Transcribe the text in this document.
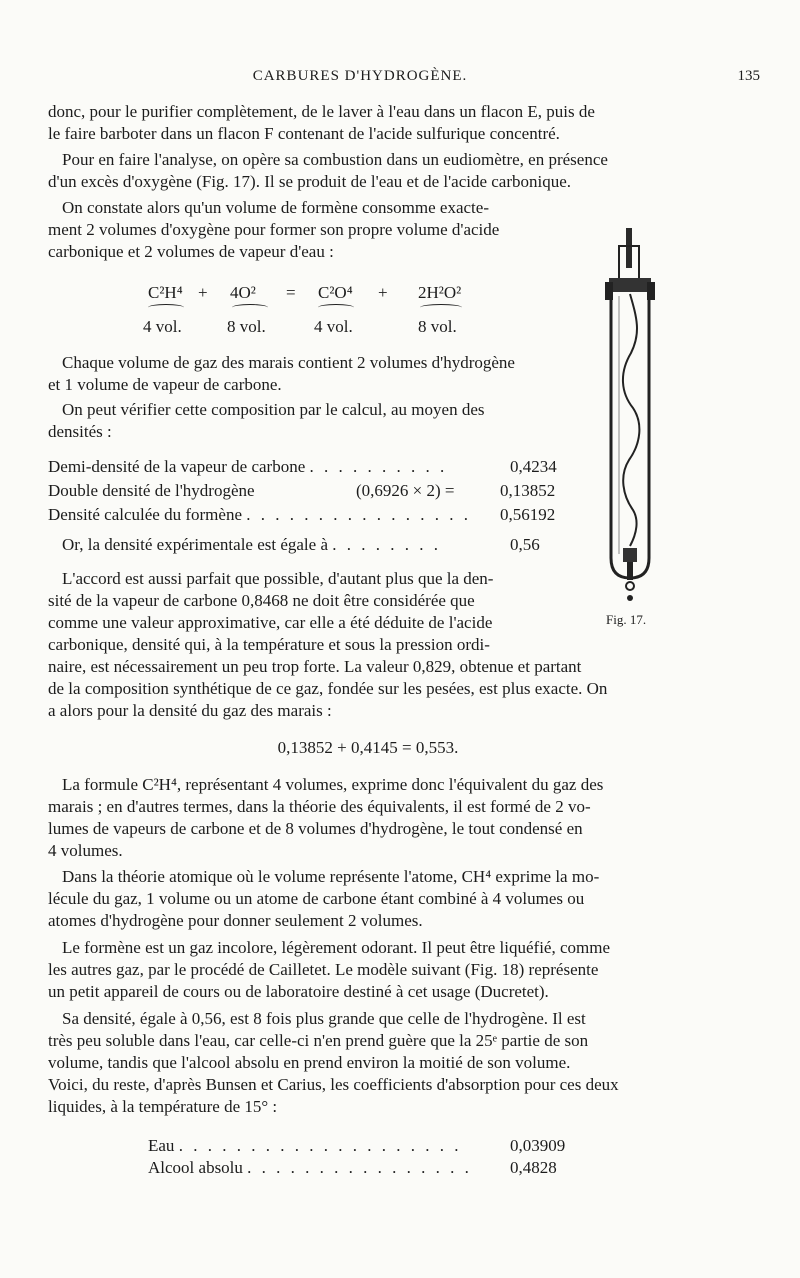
CARBURES D'HYDROGÈNE.	135
donc, pour le purifier complètement, de le laver à l'eau dans un flacon E, puis de
le faire barboter dans un flacon F contenant de l'acide sulfurique concentré.
Pour en faire l'analyse, on opère sa combustion dans un eudiomètre, en présence
d'un excès d'oxygène (Fig. 17). Il se produit de l'eau et de l'acide carbonique.
On constate alors qu'un volume de formène consomme exacte-
ment 2 volumes d'oxygène pour former son propre volume d'acide
carbonique et 2 volumes de vapeur d'eau :
C²H⁴ + 4O² = C²O⁴ + 2H²O²
4 vol.	8 vol.	4 vol.	8 vol.
Chaque volume de gaz des marais contient 2 volumes d'hydrogène
et 1 volume de vapeur de carbone.
On peut vérifier cette composition par le calcul, au moyen des
densités :
Demi-densité de la vapeur de carbone . . . . . . . . . .	0,4234
Double densité de l'hydrogène	(0,6926 × 2) =	0,13852
Densité calculée du formène . . . . . . . . . . . . . . . . 0,56192
Or, la densité expérimentale est égale à . . . . . . . .	0,56
L'accord est aussi parfait que possible, d'autant plus que la den-
sité de la vapeur de carbone 0,8468 ne doit être considérée que
comme une valeur approximative, car elle a été déduite de l'acide
carbonique, densité qui, à la température et sous la pression ordi-
naire, est nécessairement un peu trop forte. La valeur 0,829, obtenue et partant
de la composition synthétique de ce gaz, fondée sur les pesées, est plus exacte. On
a alors pour la densité du gaz des marais :
0,13852 + 0,4145 = 0,553.
La formule C²H⁴, représentant 4 volumes, exprime donc l'équivalent du gaz des
marais ; en d'autres termes, dans la théorie des équivalents, il est formé de 2 vo-
lumes de vapeurs de carbone et de 8 volumes d'hydrogène, le tout condensé en
4 volumes.
Dans la théorie atomique où le volume représente l'atome, CH⁴ exprime la mo-
lécule du gaz, 1 volume ou un atome de carbone étant combiné à 4 volumes ou
atomes d'hydrogène pour donner seulement 2 volumes.
Le formène est un gaz incolore, légèrement odorant. Il peut être liquéfié, comme
les autres gaz, par le procédé de Cailletet. Le modèle suivant (Fig. 18) représente
un petit appareil de cours ou de laboratoire destiné à cet usage (Ducretet).
Sa densité, égale à 0,56, est 8 fois plus grande que celle de l'hydrogène. Il est
très peu soluble dans l'eau, car celle-ci n'en prend guère que la 25ᵉ partie de son
volume, tandis que l'alcool absolu en prend environ la moitié de son volume.
Voici, du reste, d'après Bunsen et Carius, les coefficients d'absorption pour ces deux
liquides, à la température de 15° :
Eau . . . . . . . . . . . . . . . . . . . .	0,03909
Alcool absolu . . . . . . . . . . . . . . . . 0,4828
Fig. 17.
